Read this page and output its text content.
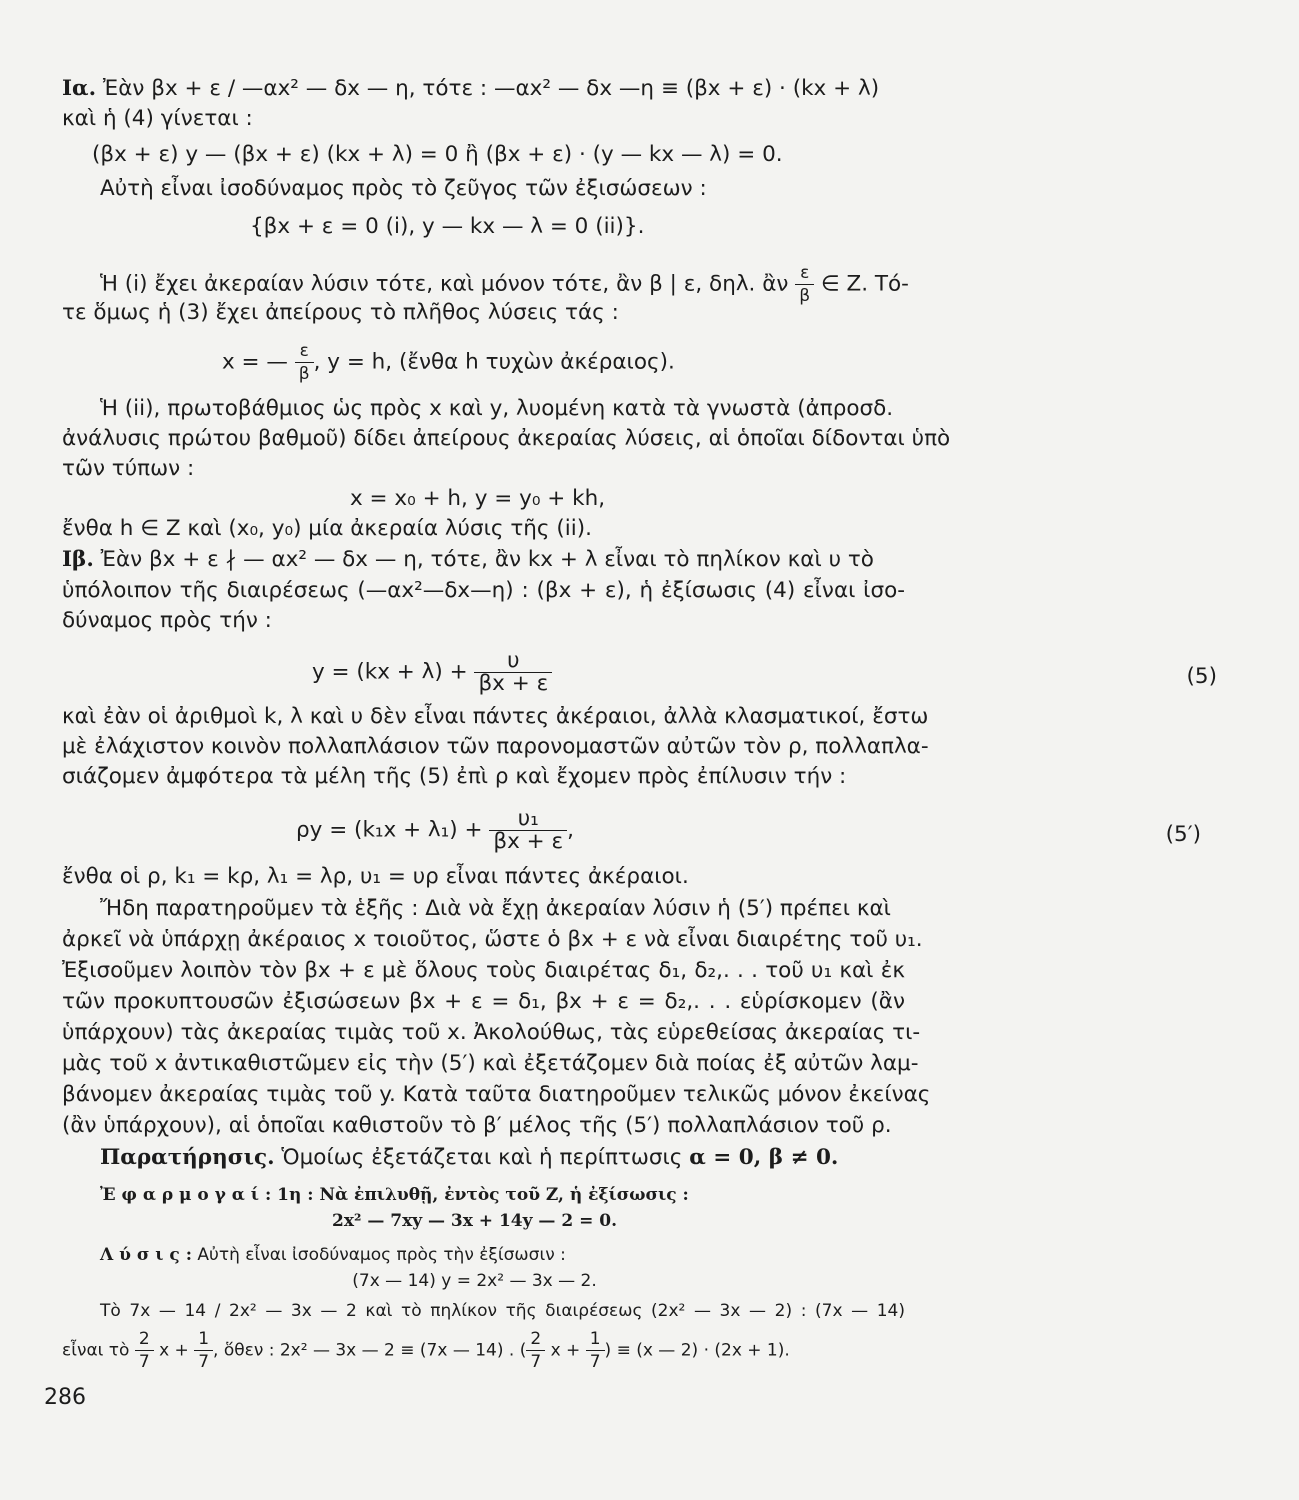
Ια. Ἐὰν βx + ε / —αx² — δx — η, τότε : —αx² — δx —η ≡ (βx + ε) · (kx + λ)
καὶ ἡ (4) γίνεται :
(βx + ε) y — (βx + ε) (kx + λ) = 0 ἢ (βx + ε) · (y — kx — λ) = 0.
Αὐτὴ εἶναι ἰσοδύναμος πρὸς τὸ ζεῦγος τῶν ἐξισώσεων :
{βx + ε = 0 (i), y — kx — λ = 0 (ii)}.
Ἡ (i) ἔχει ἀκεραίαν λύσιν τότε, καὶ μόνον τότε, ἂν β | ε, δηλ. ἂν $\frac{\varepsilon}{\beta}$ ∈ Z. Τό-
τε ὅμως ἡ (3) ἔχει ἀπείρους τὸ πλῆθος λύσεις τάς :
x = — $\frac{\varepsilon}{\beta}$ , y = h, (ἔνθα h τυχὼν ἀκέραιος).
Ἡ (ii), πρωτοβάθμιος ὡς πρὸς x καὶ y, λυομένη κατὰ τὰ γνωστὰ (ἀπροσδ.
ἀνάλυσις πρώτου βαθμοῦ) δίδει ἀπείρους ἀκεραίας λύσεις, αἱ ὁποῖαι δίδονται ὑπὸ
τῶν τύπων :
x = x₀ + h, y = y₀ + kh,
ἔνθα h ∈ Z καὶ (x₀, y₀) μία ἀκεραία λύσις τῆς (ii).
Ιβ. Ἐὰν βx + ε ∤ — αx² — δx — η, τότε, ἂν kx + λ εἶναι τὸ πηλίκον καὶ υ τὸ
ὑπόλοιπον τῆς διαιρέσεως (—αx²—δx—η) : (βx + ε), ἡ ἐξίσωσις (4) εἶναι ἰσο-
δύναμος πρὸς τήν :
$y = (kx + \lambda) + \frac{\upsilon}{\beta x + \varepsilon}$	(5)
καὶ ἐὰν οἱ ἀριθμοὶ k, λ καὶ υ δὲν εἶναι πάντες ἀκέραιοι, ἀλλὰ κλασματικοί, ἔστω
μὲ ἐλάχιστον κοινὸν πολλαπλάσιον τῶν παρονομαστῶν αὐτῶν τὸν ρ, πολλαπλα-
σιάζομεν ἀμφότερα τὰ μέλη τῆς (5) ἐπὶ ρ καὶ ἔχομεν πρὸς ἐπίλυσιν τήν :
$\rho y = (k_1x + \lambda_1) + \frac{\text{υ₁}}{\beta x + \varepsilon}$ ,	(5′)
ἔνθα οἱ ρ, k₁ = kρ, λ₁ = λρ, υ₁ = υρ εἶναι πάντες ἀκέραιοι.
Ἤδη παρατηροῦμεν τὰ ἑξῆς : Διὰ νὰ ἔχῃ ἀκεραίαν λύσιν ἡ (5′) πρέπει καὶ
ἀρκεῖ νὰ ὑπάρχῃ ἀκέραιος x τοιοῦτος, ὥστε ὁ βx + ε νὰ εἶναι διαιρέτης τοῦ υ₁.
Ἐξισοῦμεν λοιπὸν τὸν βx + ε μὲ ὅλους τοὺς διαιρέτας δ₁, δ₂,. . . τοῦ υ₁ καὶ ἐκ
τῶν προκυπτουσῶν ἐξισώσεων βx + ε = δ₁, βx + ε = δ₂,. . . εὑρίσκομεν (ἂν
ὑπάρχουν) τὰς ἀκεραίας τιμὰς τοῦ x. Ἀκολούθως, τὰς εὑρεθείσας ἀκεραίας τι-
μὰς τοῦ x ἀντικαθιστῶμεν εἰς τὴν (5′) καὶ ἐξετάζομεν διὰ ποίας ἐξ αὐτῶν λαμ-
βάνομεν ἀκεραίας τιμὰς τοῦ y. Κατὰ ταῦτα διατηροῦμεν τελικῶς μόνον ἐκείνας
(ἂν ὑπάρχουν), αἱ ὁποῖαι καθιστοῦν τὸ β′ μέλος τῆς (5′) πολλαπλάσιον τοῦ ρ.
Παρατήρησις. Ὁμοίως ἐξετάζεται καὶ ἡ περίπτωσις α = 0, β ≠ 0.
Ἐ φ α ρ μ ο γ α ί : 1η : Νὰ ἐπιλυθῇ, ἐντὸς τοῦ Z, ἡ ἐξίσωσις :
2x² — 7xy — 3x + 14y — 2 = 0.
Λ ύ σ ι ς : Αὐτὴ εἶναι ἰσοδύναμος πρὸς τὴν ἐξίσωσιν :
(7x — 14) y = 2x² — 3x — 2.
Τὸ 7x — 14 / 2x² — 3x — 2 καὶ τὸ πηλίκον τῆς διαιρέσεως (2x² — 3x — 2) : (7x — 14)
εἶναι τὸ $\frac{2}{7}$ $x + \frac{1}{7}$ , ὅθεν : 2x² — 3x — 2 ≡ (7x — 14) . ( $\frac{2}{7}$ $x + \frac{1}{7}$ ) ≡ (x — 2) · (2x + 1).
286
